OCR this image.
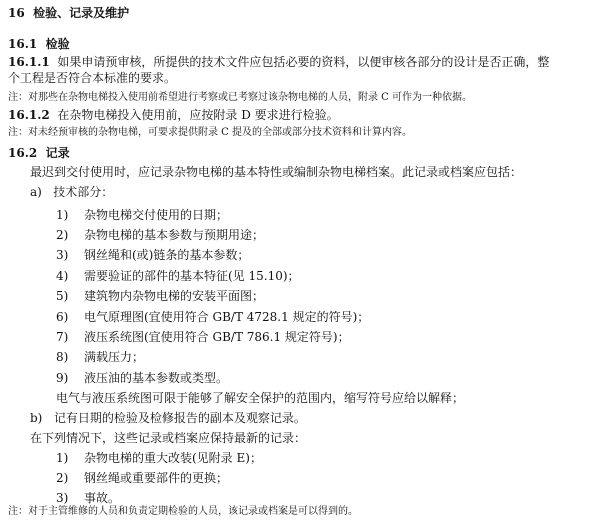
16 检验、记录及维护
16.1 检验
16.1.1 如果申请预审核，所提供的技术文件应包括必要的资料，以便审核各部分的设计是否正确，整
个工程是否符合本标准的要求。
注：对那些在杂物电梯投入使用前希望进行考察或已考察过该杂物电梯的人员，附录 C 可作为一种依据。
16.1.2 在杂物电梯投入使用前，应按附录 D 要求进行检验。
注：对未经预审核的杂物电梯，可要求提供附录 C 提及的全部或部分技术资料和计算内容。
16.2 记录
最迟到交付使用时，应记录杂物电梯的基本特性或编制杂物电梯档案。此记录或档案应包括：
a) 技术部分：
1) 杂物电梯交付使用的日期；
2) 杂物电梯的基本参数与预期用途；
3) 钢丝绳和(或)链条的基本参数；
4) 需要验证的部件的基本特征(见 15.10)；
5) 建筑物内杂物电梯的安装平面图；
6) 电气原理图(宜使用符合 GB/T 4728.1 规定的符号)；
7) 液压系统图(宜使用符合 GB/T 786.1 规定符号)；
8) 满载压力；
9) 液压油的基本参数或类型。
电气与液压系统图可限于能够了解安全保护的范围内，缩写符号应给以解释；
b) 记有日期的检验及检修报告的副本及观察记录。
在下列情况下，这些记录或档案应保持最新的记录：
1) 杂物电梯的重大改装(见附录 E)；
2) 钢丝绳或重要部件的更换；
3) 事故。
注：对于主管维修的人员和负责定期检验的人员，该记录或档案是可以得到的。
